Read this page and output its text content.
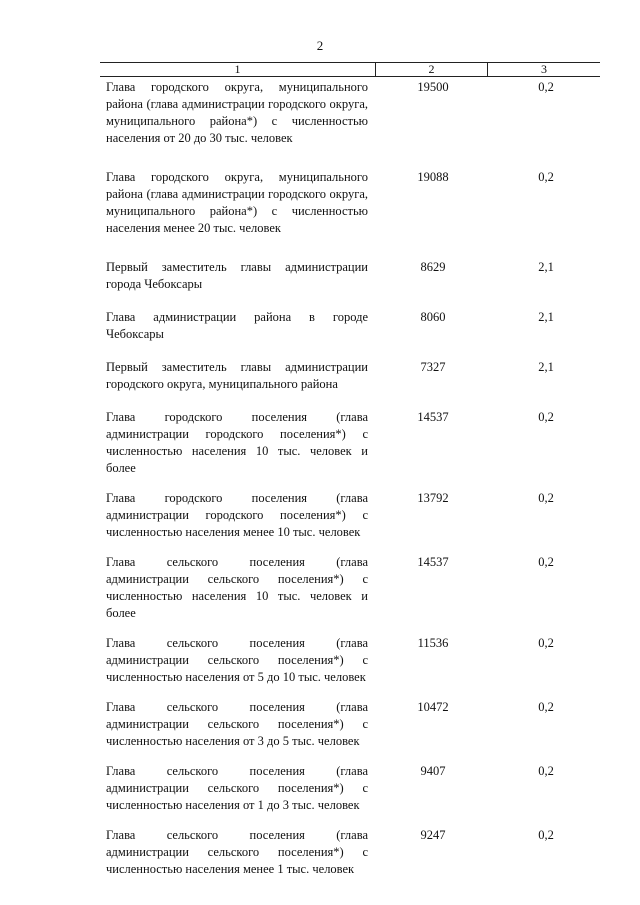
2
1	2	3
Глава городского округа, муниципального района (глава администрации городского округа, муниципального района*) с численностью населения от 20 до 30 тыс. человек
19500	0,2
Глава городского округа, муниципального района (глава администрации городского округа, муниципального района*) с численностью населения менее 20 тыс. человек
19088	0,2
Первый заместитель главы администрации города Чебоксары
8629	2,1
Глава администрации района в городе Чебоксары
8060	2,1
Первый заместитель главы администрации городского округа, муниципального района
7327	2,1
Глава городского поселения (глава администрации городского поселения*) с численностью населения 10 тыс. человек и более
14537	0,2
Глава городского поселения (глава администрации городского поселения*) с численностью населения менее 10 тыс. человек
13792	0,2
Глава сельского поселения (глава администрации сельского поселения*) с численностью населения 10 тыс. человек и более
14537	0,2
Глава сельского поселения (глава администрации сельского поселения*) с численностью населения от 5 до 10 тыс. человек
11536	0,2
Глава сельского поселения (глава администрации сельского поселения*) с численностью населения от 3 до 5 тыс. человек
10472	0,2
Глава сельского поселения (глава администрации сельского поселения*) с численностью населения от 1 до 3 тыс. человек
9407	0,2
Глава сельского поселения (глава администрации сельского поселения*) с численностью населения менее 1 тыс. человек
9247	0,2
